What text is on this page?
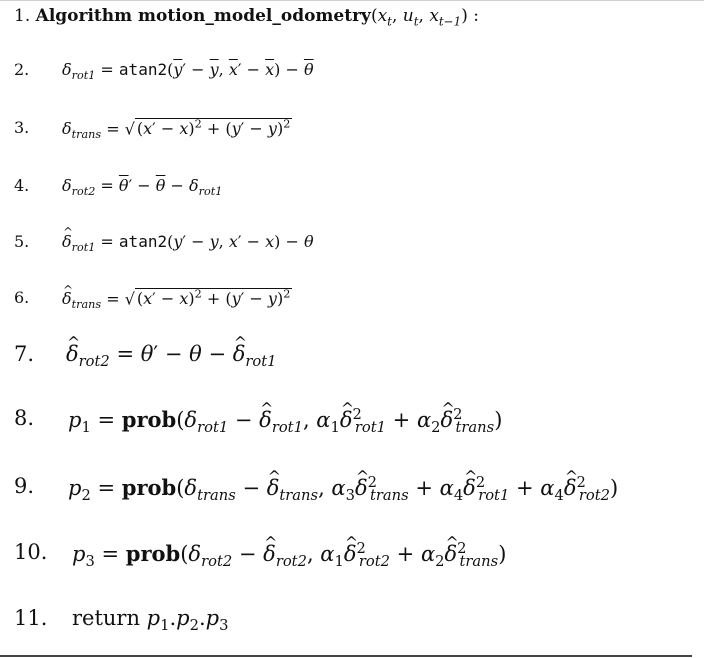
1. Algorithm $motion\_model\_odometry(x_t$, $u_t$, $x_{t-1}$) :
2. $\delta_{rot1} = atan2(\overline{y}' - \overline{y}$, $\overline{x}' - \overline{x}) - \overline{\theta}$
3. $\delta_{trans}$ = √ $(\overline{x}' - \overline{x})^2 + (\overline{y}' - \overline{y})^2$
4. $\delta_{rot2} = \overline{\theta}' - \overline{\theta} - \delta_{rot1}$
5. ^ $\delta_{rot1} = atan2(y' - y$, x′ − x) − θ
6. ^ $\delta_{trans}$ = √ $(x' - x)^2 + (y' - y)^2$
7. ^ $\delta_{rot2} = \theta' - \theta$ − ^ $\delta_{rot1}$
8. $p_1$ = $prob(\delta_{rot1}$ − ^ $\delta_{rot1}$, $\alpha_1\^{}$ $\delta^2_{rot1}$ + $\alpha_2\^{}$ $\delta^2_{trans}$)
9. $p_2$ = $prob(\delta_{trans}$ − ^ $\delta_{trans}$, $\alpha_3\^{}$ $\delta^2_{trans}$ + $\alpha_4\^{}$ $\delta^2_{rot1}$ + $\alpha_4\^{}$ $\delta^2_{rot2}$)
10. $p_3$ = $prob(\delta_{rot2}$ − ^ $\delta_{rot2}$, $\alpha_1\^{}$ $\delta^2_{rot2}$ + $\alpha_2\^{}$ $\delta^2_{trans}$)
11. return $p_1.p_2.p_3$
